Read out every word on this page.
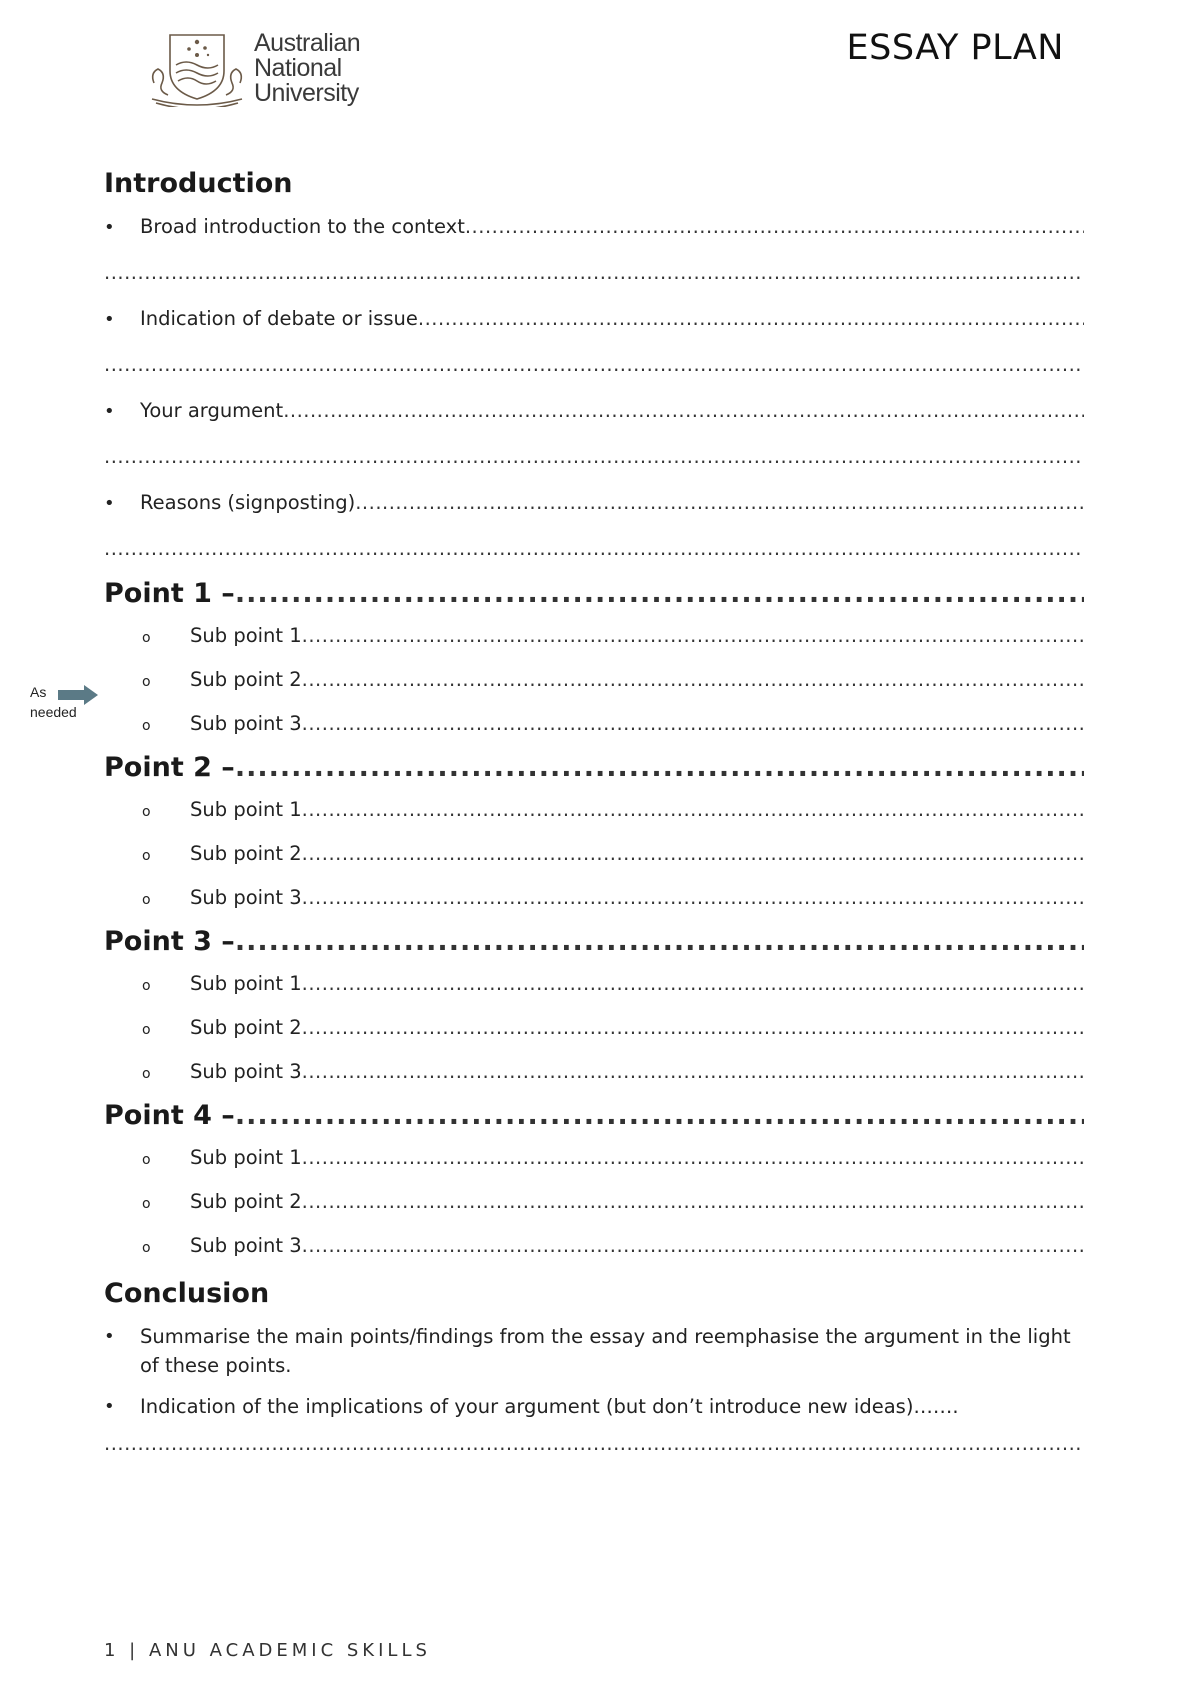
Australian
National
University
ESSAY PLAN
As
needed
Introduction
•	Broad introduction to the context
.....
.....
•	Indication of debate or issue
.....
.....
•	Your argument
.....
.....
•	Reasons (signposting)
.....
.....
Point 1 –
.....
o	Sub point 1
.....
o	Sub point 2
.....
o	Sub point 3
.....
Point 2 –
.....
o	Sub point 1
.....
o	Sub point 2
.....
o	Sub point 3
.....
Point 3 –
.....
o	Sub point 1
.....
o	Sub point 2
.....
o	Sub point 3
.....
Point 4 –
.....
o	Sub point 1
.....
o	Sub point 2
.....
o	Sub point 3
.....
Conclusion
•	Summarise the main points/findings from the essay and reemphasise the argument in the light of these points.
•	Indication of the implications of your argument (but don’t introduce new ideas)…….
.....
1 | ANU ACADEMIC SKILLS
